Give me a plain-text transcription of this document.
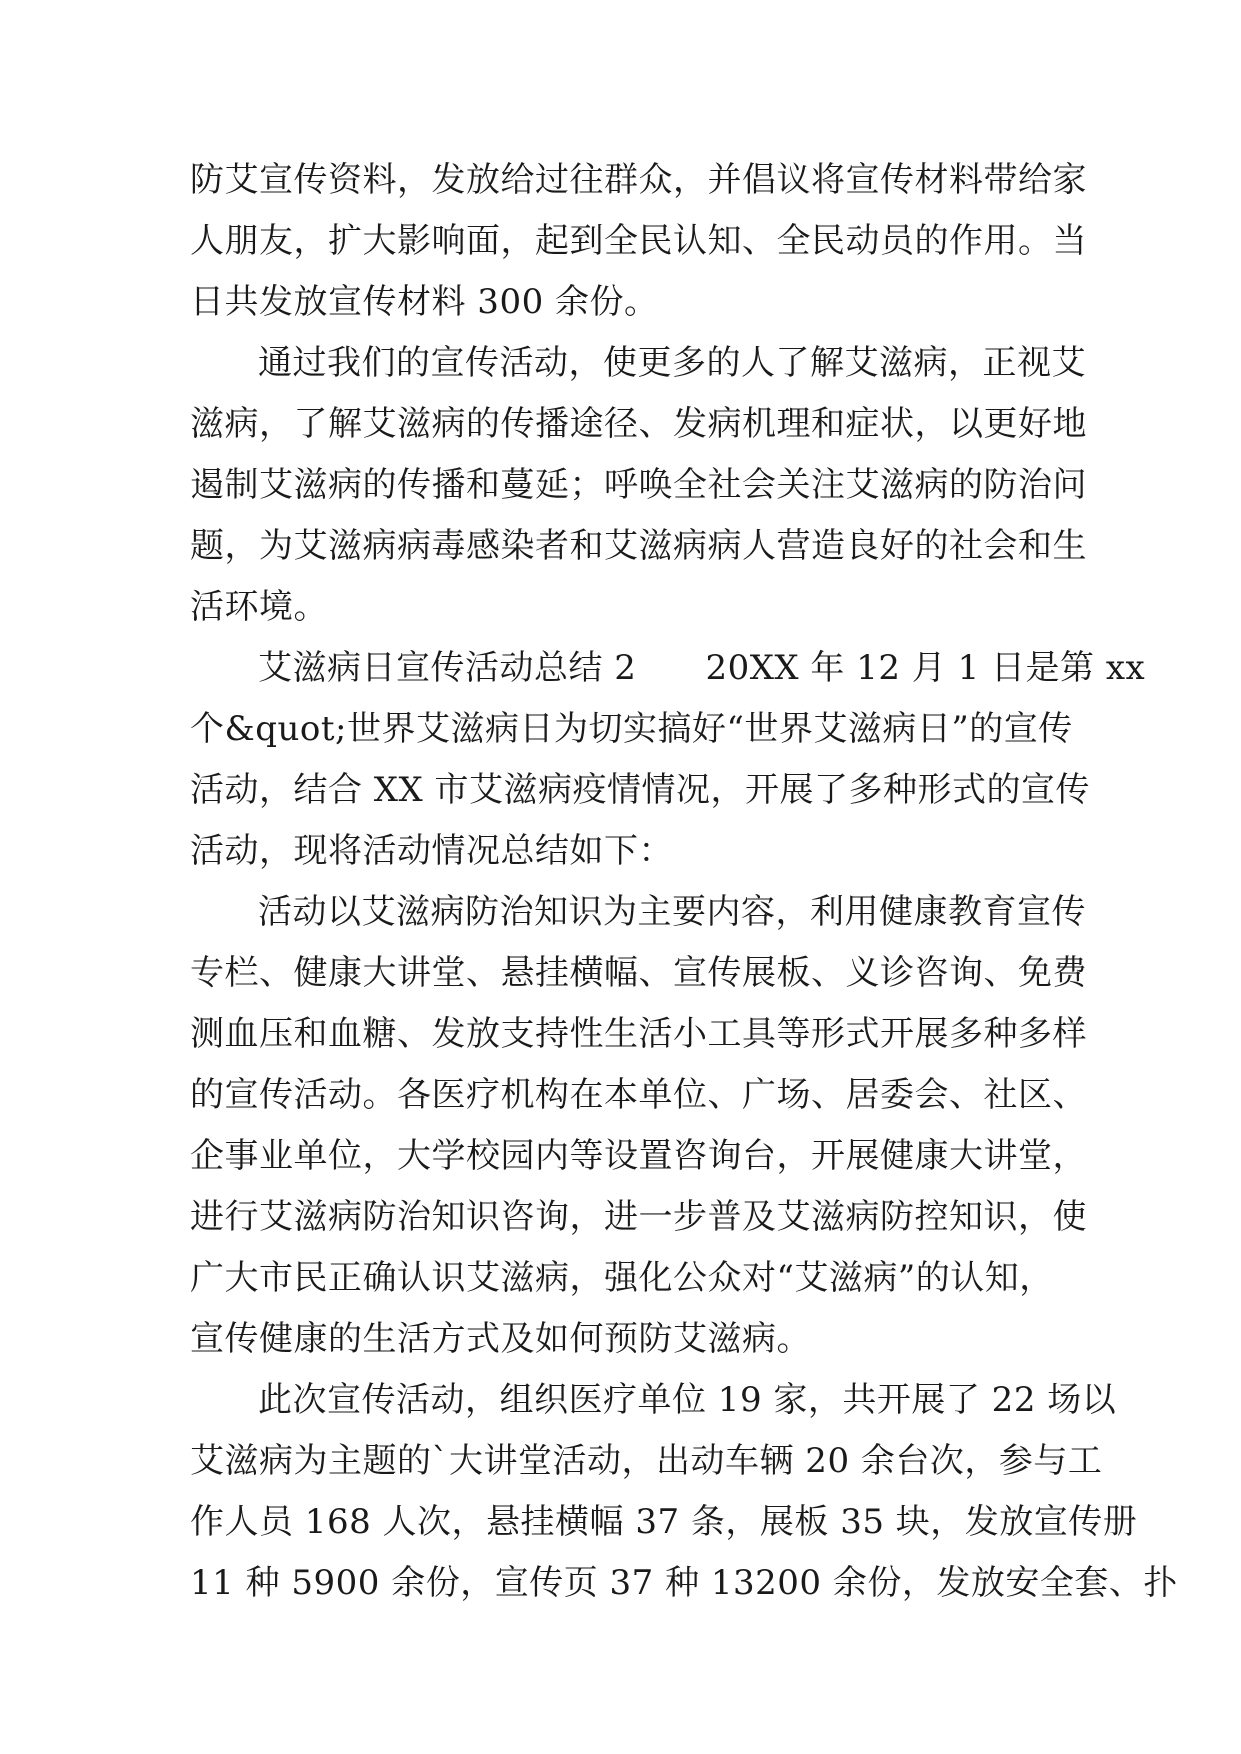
防艾宣传资料，发放给过往群众，并倡议将宣传材料带给家
人朋友，扩大影响面，起到全民认知、全民动员的作用。当
日共发放宣传材料 300 余份。
通过我们的宣传活动，使更多的人了解艾滋病，正视艾
滋病，了解艾滋病的传播途径、发病机理和症状，以更好地
遏制艾滋病的传播和蔓延；呼唤全社会关注艾滋病的防治问
题，为艾滋病病毒感染者和艾滋病病人营造良好的社会和生
活环境。
艾滋病日宣传活动总结 2　　20XX 年 12 月 1 日是第 xx
个&quot;世界艾滋病日为切实搞好“世界艾滋病日”的宣传
活动，结合 XX 市艾滋病疫情情况，开展了多种形式的宣传
活动，现将活动情况总结如下：
活动以艾滋病防治知识为主要内容，利用健康教育宣传
专栏、健康大讲堂、悬挂横幅、宣传展板、义诊咨询、免费
测血压和血糖、发放支持性生活小工具等形式开展多种多样
的宣传活动。各医疗机构在本单位、广场、居委会、社区、
企事业单位，大学校园内等设置咨询台，开展健康大讲堂，
进行艾滋病防治知识咨询，进一步普及艾滋病防控知识，使
广大市民正确认识艾滋病，强化公众对“艾滋病”的认知，
宣传健康的生活方式及如何预防艾滋病。
此次宣传活动，组织医疗单位 19 家，共开展了 22 场以
艾滋病为主题的`大讲堂活动，出动车辆 20 余台次，参与工
作人员 168 人次，悬挂横幅 37 条，展板 35 块，发放宣传册
11 种 5900 余份，宣传页 37 种 13200 余份，发放安全套、扑
